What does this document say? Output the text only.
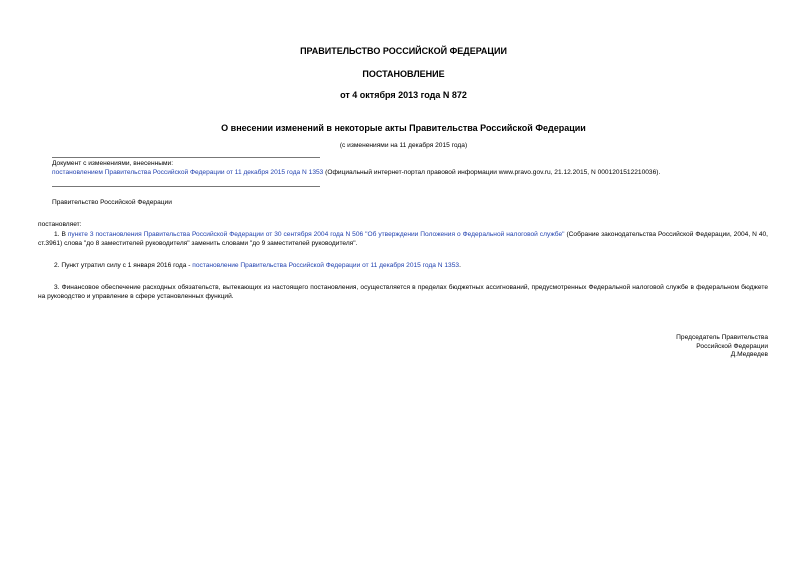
ПРАВИТЕЛЬСТВО РОССИЙСКОЙ ФЕДЕРАЦИИ
ПОСТАНОВЛЕНИЕ
от 4 октября 2013 года N 872
О внесении изменений в некоторые акты Правительства Российской Федерации
(с изменениями на 11 декабря 2015 года)
Документ с изменениями, внесенными:
постановлением Правительства Российской Федерации от 11 декабря 2015 года N 1353 (Официальный интернет-портал правовой информации www.pravo.gov.ru, 21.12.2015, N 0001201512210036).
Правительство Российской Федерации
постановляет:
1. В пункте 3 постановления Правительства Российской Федерации от 30 сентября 2004 года N 506 "Об утверждении Положения о Федеральной налоговой службе" (Собрание законодательства Российской Федерации, 2004, N 40, ст.3961) слова "до 8 заместителей руководителя" заменить словами "до 9 заместителей руководителя".
2. Пункт утратил силу с 1 января 2016 года - постановление Правительства Российской Федерации от 11 декабря 2015 года N 1353.
3. Финансовое обеспечение расходных обязательств, вытекающих из настоящего постановления, осуществляется в пределах бюджетных ассигнований, предусмотренных Федеральной налоговой службе в федеральном бюджете на руководство и управление в сфере установленных функций.
Председатель Правительства
Российской Федерации
Д.Медведев
